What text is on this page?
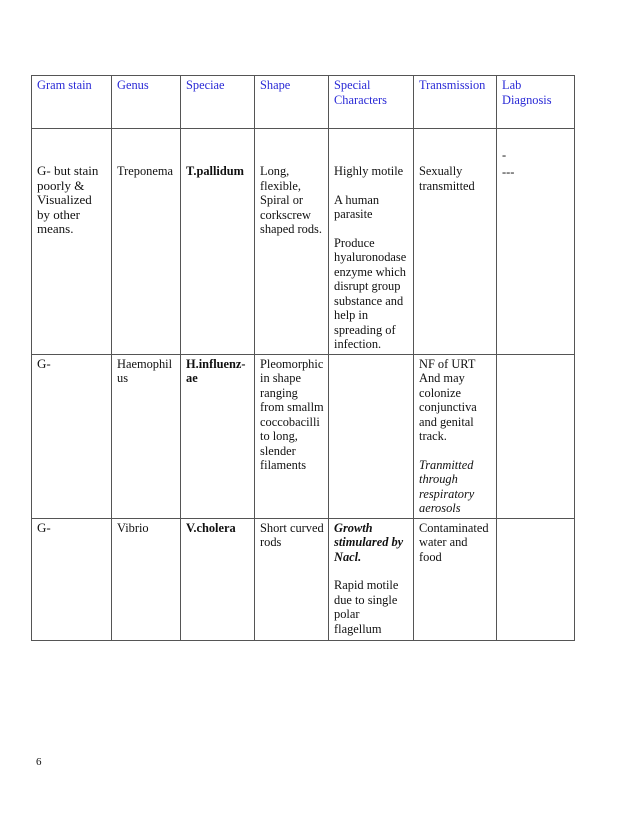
Gram stain	Genus	Speciae	Shape	Special Characters	Transmission	Lab Diagnosis

G- but stain poorly & Visualized by other means.	Treponema	T.pallidum	Long, flexible, Spiral or corkscrew shaped rods.	Highly motile
A human parasite
Produce hyaluronodase enzyme which disrupt group substance and help in spreading of infection.	Sexually transmitted	-
---

G-	Haemophilus	H.influenz-ae	Pleomorphic in shape ranging from smallm coccobacilli to long, slender filaments		NF of URT And may colonize conjunctiva and genital track.
Tranmitted through respiratory aerosols	

G-	Vibrio	V.cholera	Short curved rods	Growth stimulared by Nacl.
Rapid motile due to single polar flagellum	Contaminated water and food	
6
